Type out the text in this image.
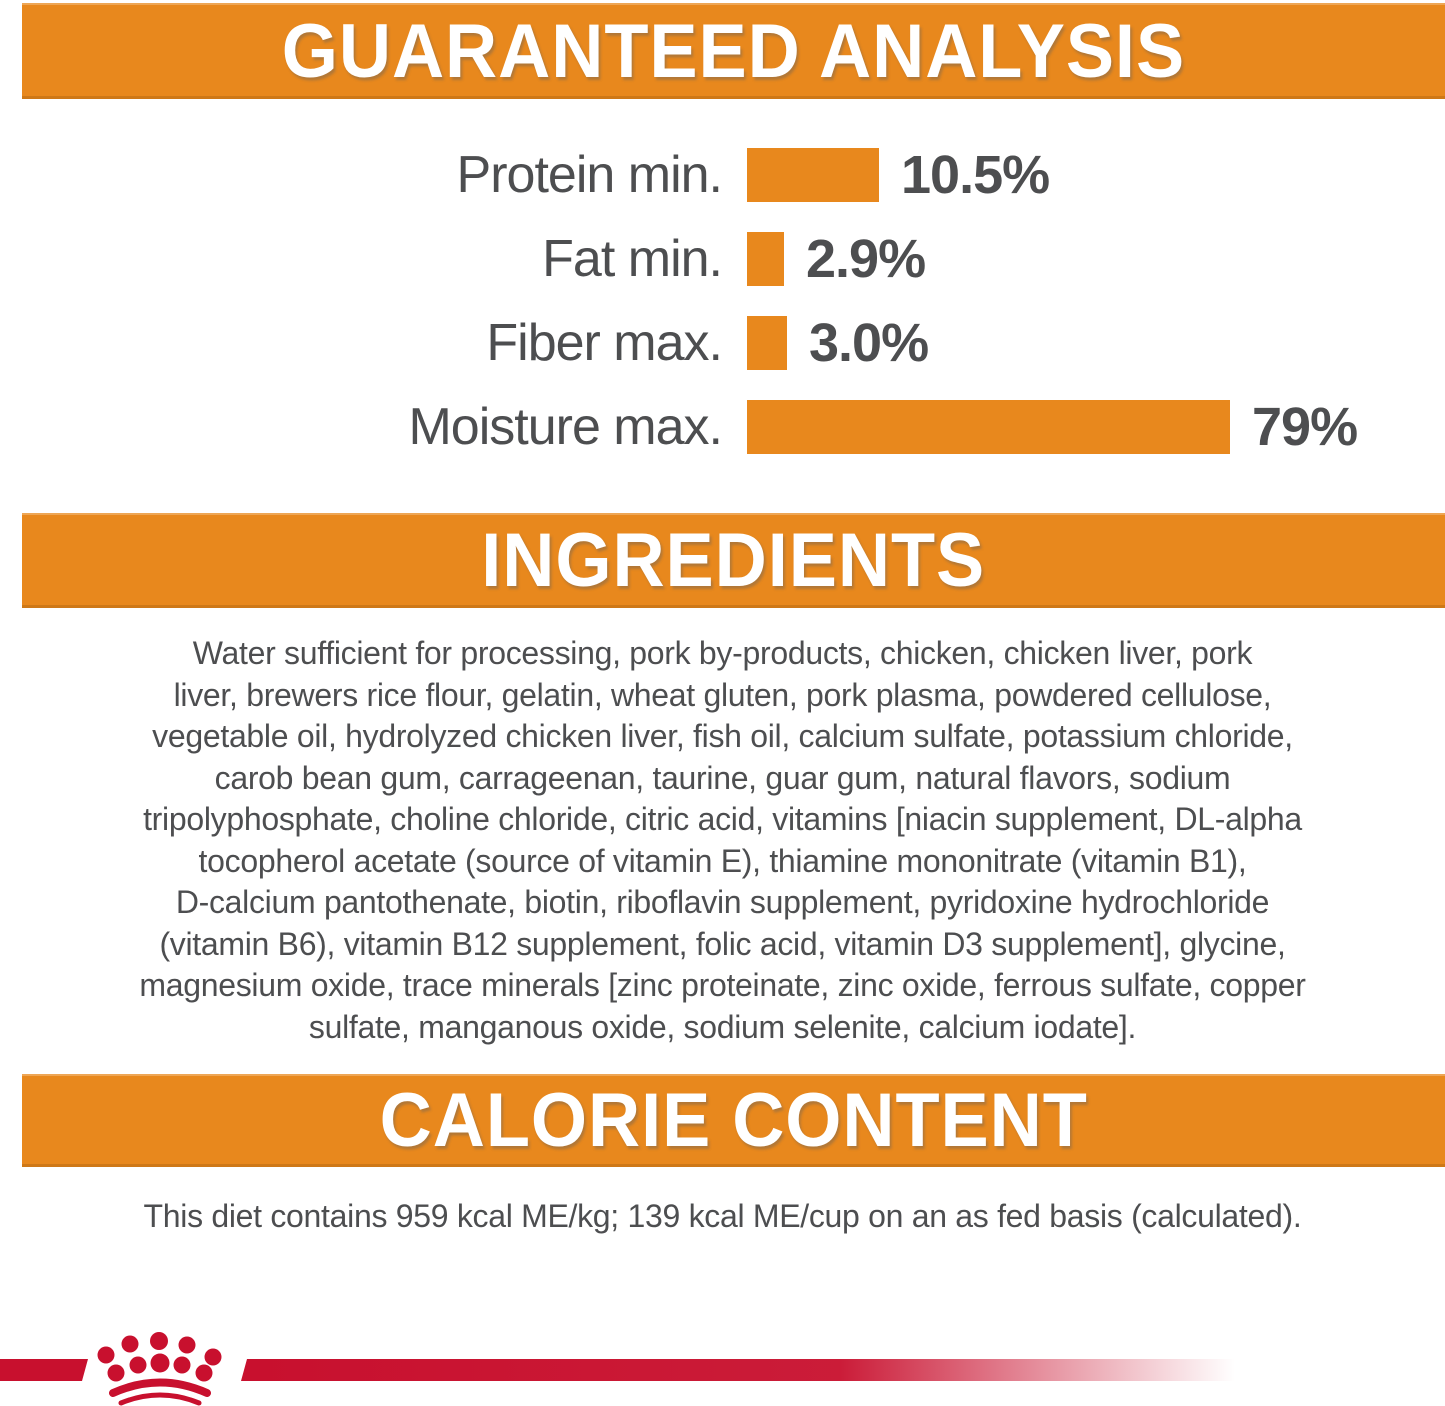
GUARANTEED ANALYSIS
Protein min.	10.5%
Fat min. 2.9%
Fiber max. 3.0%
Moisture max.	79%
INGREDIENTS
Water sufficient for processing, pork by-products, chicken, chicken liver, pork
liver, brewers rice flour, gelatin, wheat gluten, pork plasma, powdered cellulose,
vegetable oil, hydrolyzed chicken liver, fish oil, calcium sulfate, potassium chloride,
carob bean gum, carrageenan, taurine, guar gum, natural flavors, sodium
tripolyphosphate, choline chloride, citric acid, vitamins [niacin supplement, DL-alpha
tocopherol acetate (source of vitamin E), thiamine mononitrate (vitamin B1),
D-calcium pantothenate, biotin, riboflavin supplement, pyridoxine hydrochloride
(vitamin B6), vitamin B12 supplement, folic acid, vitamin D3 supplement], glycine,
magnesium oxide, trace minerals [zinc proteinate, zinc oxide, ferrous sulfate, copper
sulfate, manganous oxide, sodium selenite, calcium iodate].
CALORIE CONTENT
This diet contains 959 kcal ME/kg; 139 kcal ME/cup on an as fed basis (calculated).
